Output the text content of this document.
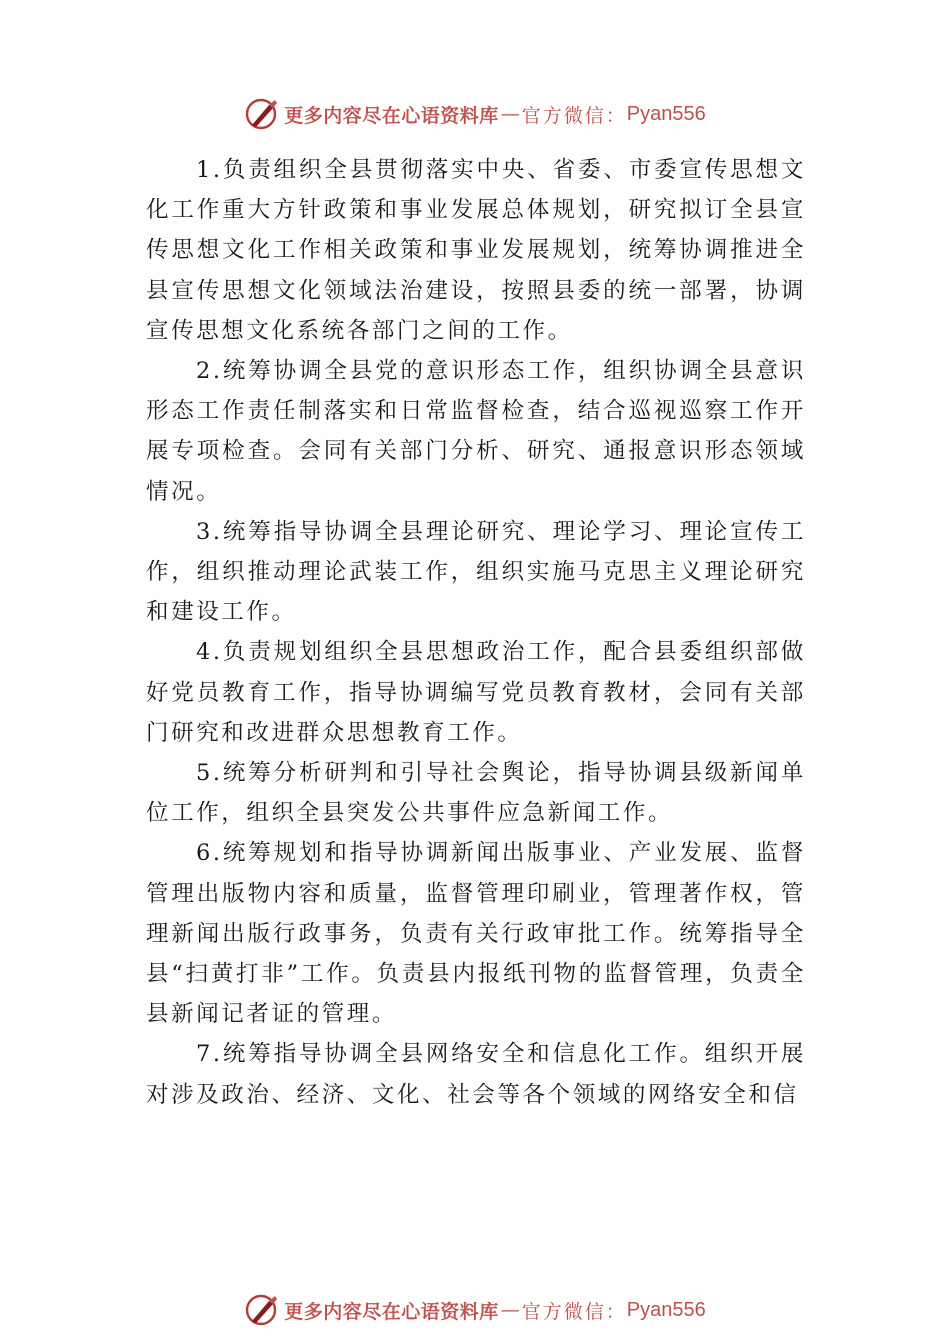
更多内容尽在心语资料库 — 官方微信： Pyan556

1.负责组织全县贯彻落实中央、省委、市委宣传思想文化工作重大方针政策和事业发展总体规划，研究拟订全县宣传思想文化工作相关政策和事业发展规划，统筹协调推进全县宣传思想文化领域法治建设，按照县委的统一部署，协调宣传思想文化系统各部门之间的工作。

2.统筹协调全县党的意识形态工作，组织协调全县意识形态工作责任制落实和日常监督检查，结合巡视巡察工作开展专项检查。会同有关部门分析、研究、通报意识形态领域情况。

3.统筹指导协调全县理论研究、理论学习、理论宣传工作，组织推动理论武装工作，组织实施马克思主义理论研究和建设工作。

4.负责规划组织全县思想政治工作，配合县委组织部做好党员教育工作，指导协调编写党员教育教材，会同有关部门研究和改进群众思想教育工作。

5.统筹分析研判和引导社会舆论，指导协调县级新闻单位工作，组织全县突发公共事件应急新闻工作。

6.统筹规划和指导协调新闻出版事业、产业发展、监督管理出版物内容和质量，监督管理印刷业，管理著作权，管理新闻出版行政事务，负责有关行政审批工作。统筹指导全县“扫黄打非”工作。负责县内报纸刊物的监督管理，负责全县新闻记者证的管理。

7.统筹指导协调全县网络安全和信息化工作。组织开展对涉及政治、经济、文化、社会等各个领域的网络安全和信

更多内容尽在心语资料库 — 官方微信： Pyan556
